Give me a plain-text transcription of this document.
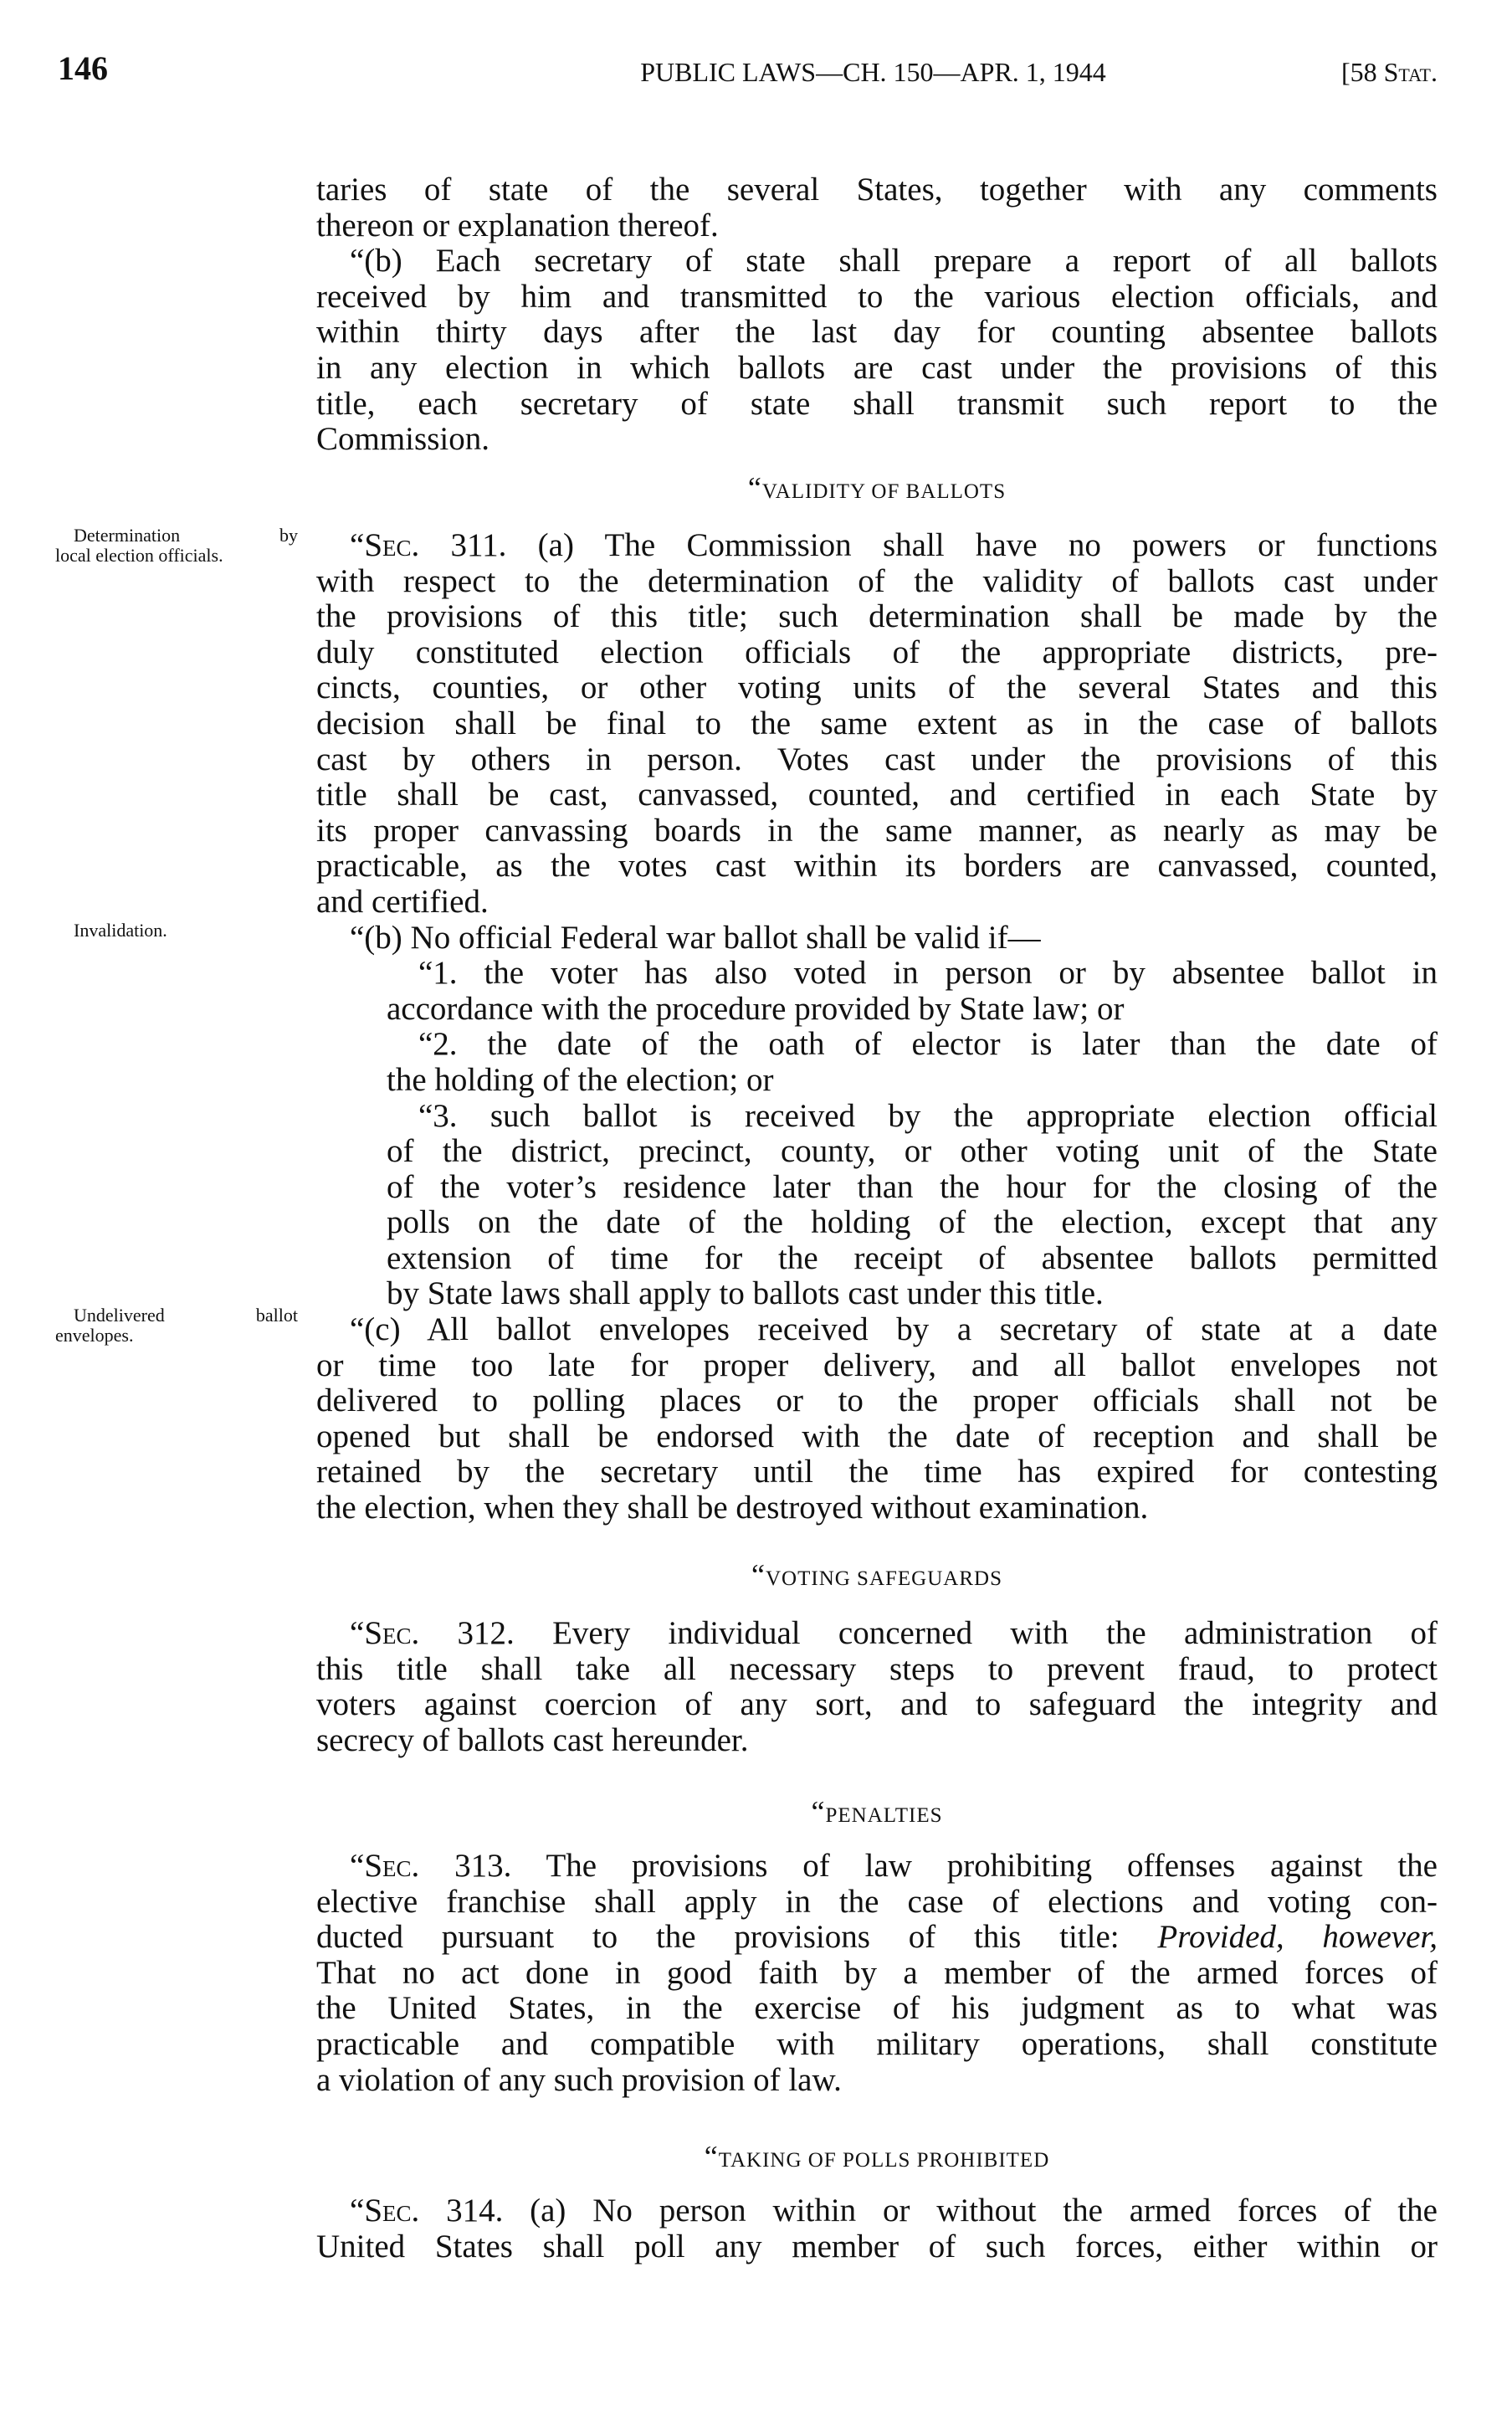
146	PUBLIC LAWS—CH. 150—APR. 1, 1944	[58 Stat.
taries of state of the several States, together with any comments
thereon or explanation thereof.
“(b) Each secretary of state shall prepare a report of all ballots
received by him and transmitted to the various election officials, and
within thirty days after the last day for counting absentee ballots
in any election in which ballots are cast under the provisions of this
title, each secretary of state shall transmit such report to the
Commission.
“VALIDITY OF BALLOTS
“Sec. 311. (a) The Commission shall have no powers or functions
with respect to the determination of the validity of ballots cast under
the provisions of this title; such determination shall be made by the
duly constituted election officials of the appropriate districts, pre-
cincts, counties, or other voting units of the several States and this
decision shall be final to the same extent as in the case of ballots
cast by others in person. Votes cast under the provisions of this
title shall be cast, canvassed, counted, and certified in each State by
its proper canvassing boards in the same manner, as nearly as may be
practicable, as the votes cast within its borders are canvassed, counted,
and certified.
“(b) No official Federal war ballot shall be valid if—
“1. the voter has also voted in person or by absentee ballot in
accordance with the procedure provided by State law; or
“2. the date of the oath of elector is later than the date of
the holding of the election; or
“3. such ballot is received by the appropriate election official
of the district, precinct, county, or other voting unit of the State
of the voter’s residence later than the hour for the closing of the
polls on the date of the holding of the election, except that any
extension of time for the receipt of absentee ballots permitted
by State laws shall apply to ballots cast under this title.
“(c) All ballot envelopes received by a secretary of state at a date
or time too late for proper delivery, and all ballot envelopes not
delivered to polling places or to the proper officials shall not be
opened but shall be endorsed with the date of reception and shall be
retained by the secretary until the time has expired for contesting
the election, when they shall be destroyed without examination.
“VOTING SAFEGUARDS
“Sec. 312. Every individual concerned with the administration of
this title shall take all necessary steps to prevent fraud, to protect
voters against coercion of any sort, and to safeguard the integrity and
secrecy of ballots cast hereunder.
“PENALTIES
“Sec. 313. The provisions of law prohibiting offenses against the
elective franchise shall apply in the case of elections and voting con-
ducted pursuant to the provisions of this title: Provided, however,
That no act done in good faith by a member of the armed forces of
the United States, in the exercise of his judgment as to what was
practicable and compatible with military operations, shall constitute
a violation of any such provision of law.
“TAKING OF POLLS PROHIBITED
“Sec. 314. (a) No person within or without the armed forces of the
United States shall poll any member of such forces, either within or
Determination by
local election officials.
Invalidation.
Undelivered ballot
envelopes.
